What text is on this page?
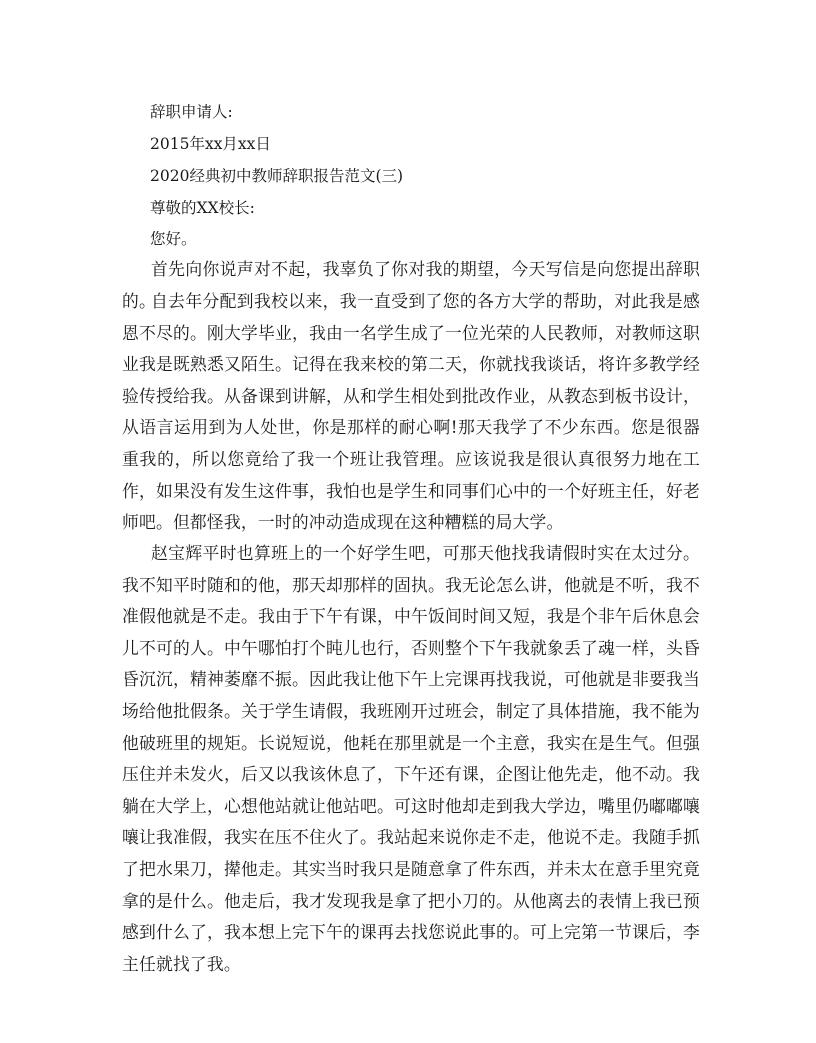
辞职申请人:
2015年xx月xx日
2020经典初中教师辞职报告范文(三)
尊敬的XX校长:
您好。

首先向你说声对不起，我辜负了你对我的期望，今天写信是向您提出辞职的。

自去年分配到我校以来，我一直受到了您的各方大学的帮助，对此我是感恩不尽的。刚大学毕业，我由一名学生成了一位光荣的人民教师，对教师这职业我是既熟悉又陌生。记得在我来校的第二天，你就找我谈话，将许多教学经验传授给我。从备课到讲解，从和学生相处到批改作业，从教态到板书设计，从语言运用到为人处世，你是那样的耐心啊!那天我学了不少东西。您是很器重我的，所以您竟给了我一个班让我管理。应该说我是很认真很努力地在工作，如果没有发生这件事，我怕也是学生和同事们心中的一个好班主任，好老师吧。但都怪我，一时的冲动造成现在这种糟糕的局大学。

赵宝辉平时也算班上的一个好学生吧，可那天他找我请假时实在太过分。我不知平时随和的他，那天却那样的固执。我无论怎么讲，他就是不听，我不准假他就是不走。我由于下午有课，中午饭间时间又短，我是个非午后休息会儿不可的人。中午哪怕打个盹儿也行，否则整个下午我就象丢了魂一样，头昏昏沉沉，精神萎靡不振。因此我让他下午上完课再找我说，可他就是非要我当场给他批假条。关于学生请假，我班刚开过班会，制定了具体措施，我不能为他破班里的规矩。长说短说，他耗在那里就是一个主意，我实在是生气。但强压住并未发火，后又以我该休息了，下午还有课，企图让他先走，他不动。我躺在大学上，心想他站就让他站吧。可这时他却走到我大学边，嘴里仍嘟嘟嚷嚷让我准假，我实在压不住火了。我站起来说你走不走，他说不走。我随手抓了把水果刀，撵他走。其实当时我只是随意拿了件东西，并未太在意手里究竟拿的是什么。他走后，我才发现我是拿了把小刀的。从他离去的表情上我已预感到什么了，我本想上完下午的课再去找您说此事的。可上完第一节课后，李主任就找了我。
